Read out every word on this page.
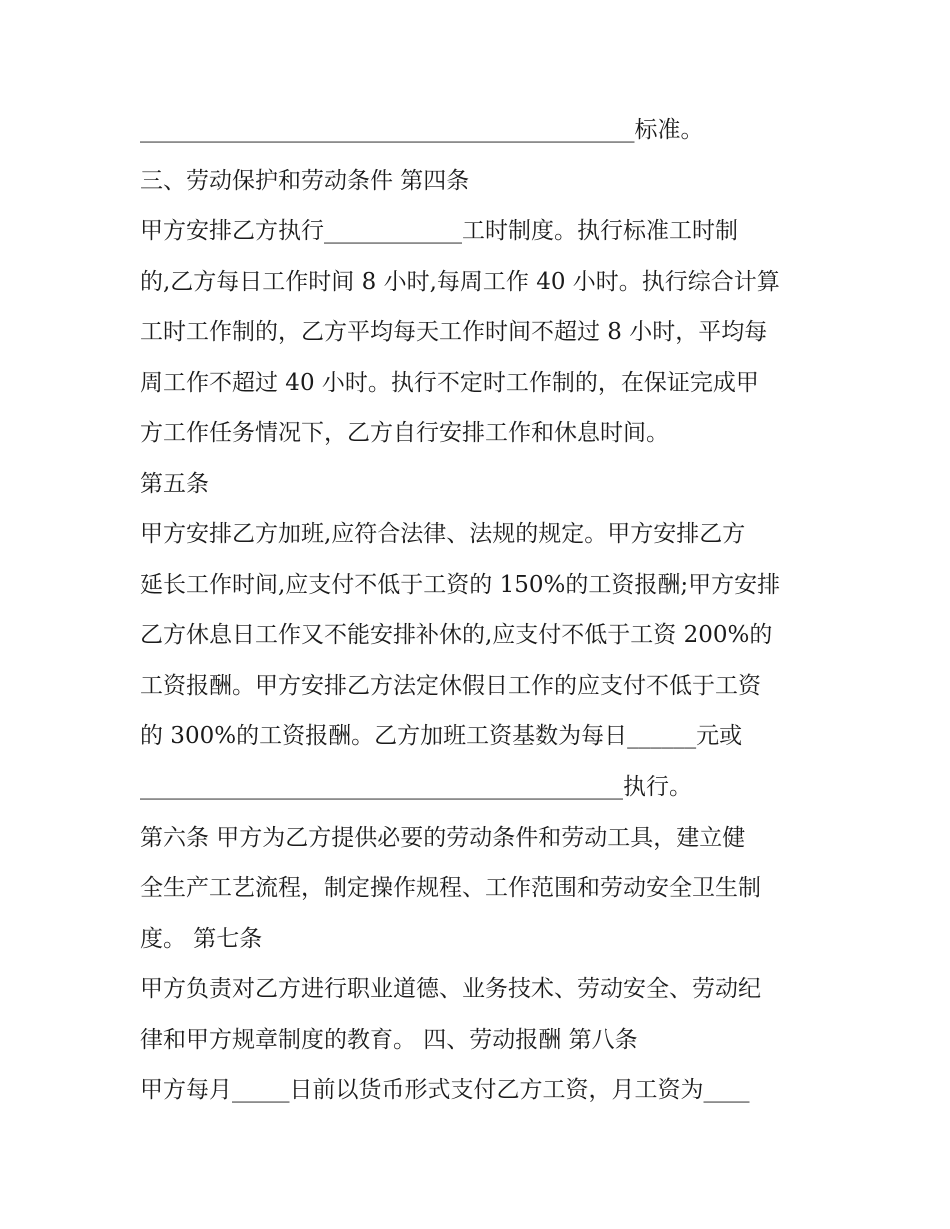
___________________________________________标准。
三、劳动保护和劳动条件 第四条
甲方安排乙方执行____________工时制度。执行标准工时制
的,乙方每日工作时间 8 小时,每周工作 40 小时。执行综合计算
工时工作制的，乙方平均每天工作时间不超过 8 小时，平均每
周工作不超过 40 小时。执行不定时工作制的，在保证完成甲
方工作任务情况下，乙方自行安排工作和休息时间。
第五条
甲方安排乙方加班,应符合法律、法规的规定。甲方安排乙方
延长工作时间,应支付不低于工资的 150%的工资报酬;甲方安排
乙方休息日工作又不能安排补休的,应支付不低于工资 200%的
工资报酬。甲方安排乙方法定休假日工作的应支付不低于工资
的 300%的工资报酬。乙方加班工资基数为每日______元或
__________________________________________执行。
第六条 甲方为乙方提供必要的劳动条件和劳动工具，建立健
全生产工艺流程，制定操作规程、工作范围和劳动安全卫生制
度。 第七条
甲方负责对乙方进行职业道德、业务技术、劳动安全、劳动纪
律和甲方规章制度的教育。 四、劳动报酬 第八条
甲方每月_____日前以货币形式支付乙方工资，月工资为____
